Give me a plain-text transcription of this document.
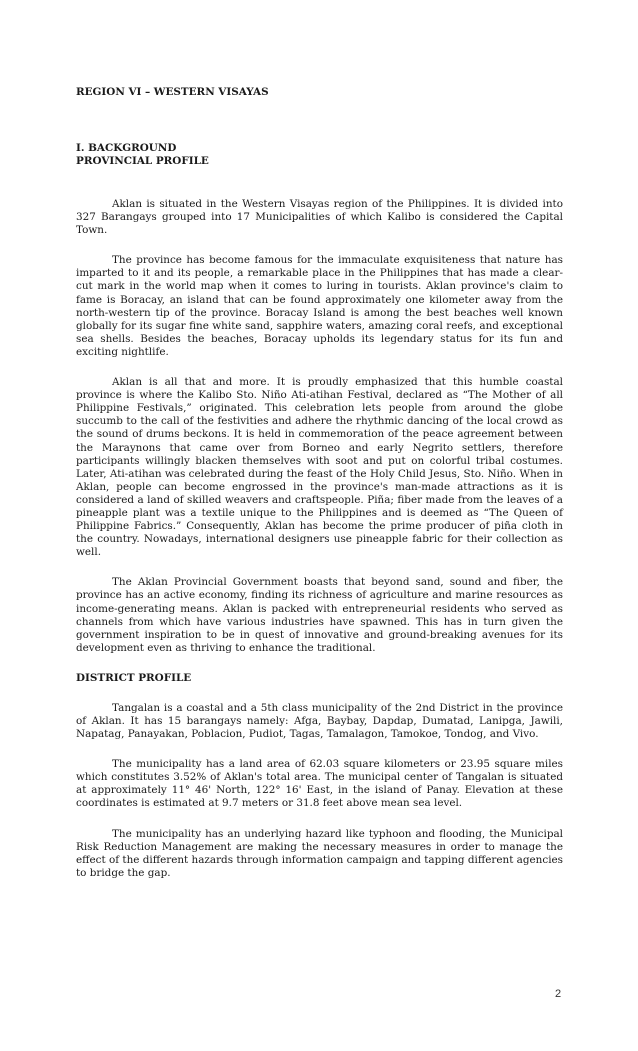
REGION VI – WESTERN VISAYAS
I. BACKGROUND
PROVINCIAL PROFILE

Aklan is situated in the Western Visayas region of the Philippines. It is divided into 327 Barangays grouped into 17 Municipalities of which Kalibo is considered the Capital Town.

The province has become famous for the immaculate exquisiteness that nature has imparted to it and its people, a remarkable place in the Philippines that has made a clear-cut mark in the world map when it comes to luring in tourists. Aklan province's claim to fame is Boracay, an island that can be found approximately one kilometer away from the north-western tip of the province. Boracay Island is among the best beaches well known globally for its sugar fine white sand, sapphire waters, amazing coral reefs, and exceptional sea shells. Besides the beaches, Boracay upholds its legendary status for its fun and exciting nightlife.

Aklan is all that and more. It is proudly emphasized that this humble coastal province is where the Kalibo Sto. Niño Ati-atihan Festival, declared as “The Mother of all Philippine Festivals,” originated. This celebration lets people from around the globe succumb to the call of the festivities and adhere the rhythmic dancing of the local crowd as the sound of drums beckons. It is held in commemoration of the peace agreement between the Maraynons that came over from Borneo and early Negrito settlers, therefore participants willingly blacken themselves with soot and put on colorful tribal costumes. Later, Ati-atihan was celebrated during the feast of the Holy Child Jesus, Sto. Niño. When in Aklan, people can become engrossed in the province's man-made attractions as it is considered a land of skilled weavers and craftspeople. Piña; fiber made from the leaves of a pineapple plant was a textile unique to the Philippines and is deemed as “The Queen of Philippine Fabrics.” Consequently, Aklan has become the prime producer of piña cloth in the country. Nowadays, international designers use pineapple fabric for their collection as well.

The Aklan Provincial Government boasts that beyond sand, sound and fiber, the province has an active economy, finding its richness of agriculture and marine resources as income-generating means. Aklan is packed with entrepreneurial residents who served as channels from which have various industries have spawned. This has in turn given the government inspiration to be in quest of innovative and ground-breaking avenues for its development even as thriving to enhance the traditional.

DISTRICT PROFILE

Tangalan is a coastal and a 5th class municipality of the 2nd District in the province of Aklan. It has 15 barangays namely: Afga, Baybay, Dapdap, Dumatad, Lanipga, Jawili, Napatag, Panayakan, Poblacion, Pudiot, Tagas, Tamalagon, Tamokoe, Tondog, and Vivo.

The municipality has a land area of 62.03 square kilometers or 23.95 square miles which constitutes 3.52% of Aklan's total area. The municipal center of Tangalan is situated at approximately 11° 46' North, 122° 16' East, in the island of Panay. Elevation at these coordinates is estimated at 9.7 meters or 31.8 feet above mean sea level.

The municipality has an underlying hazard like typhoon and flooding, the Municipal Risk Reduction Management are making the necessary measures in order to manage the effect of the different hazards through information campaign and tapping different agencies to bridge the gap.

2
